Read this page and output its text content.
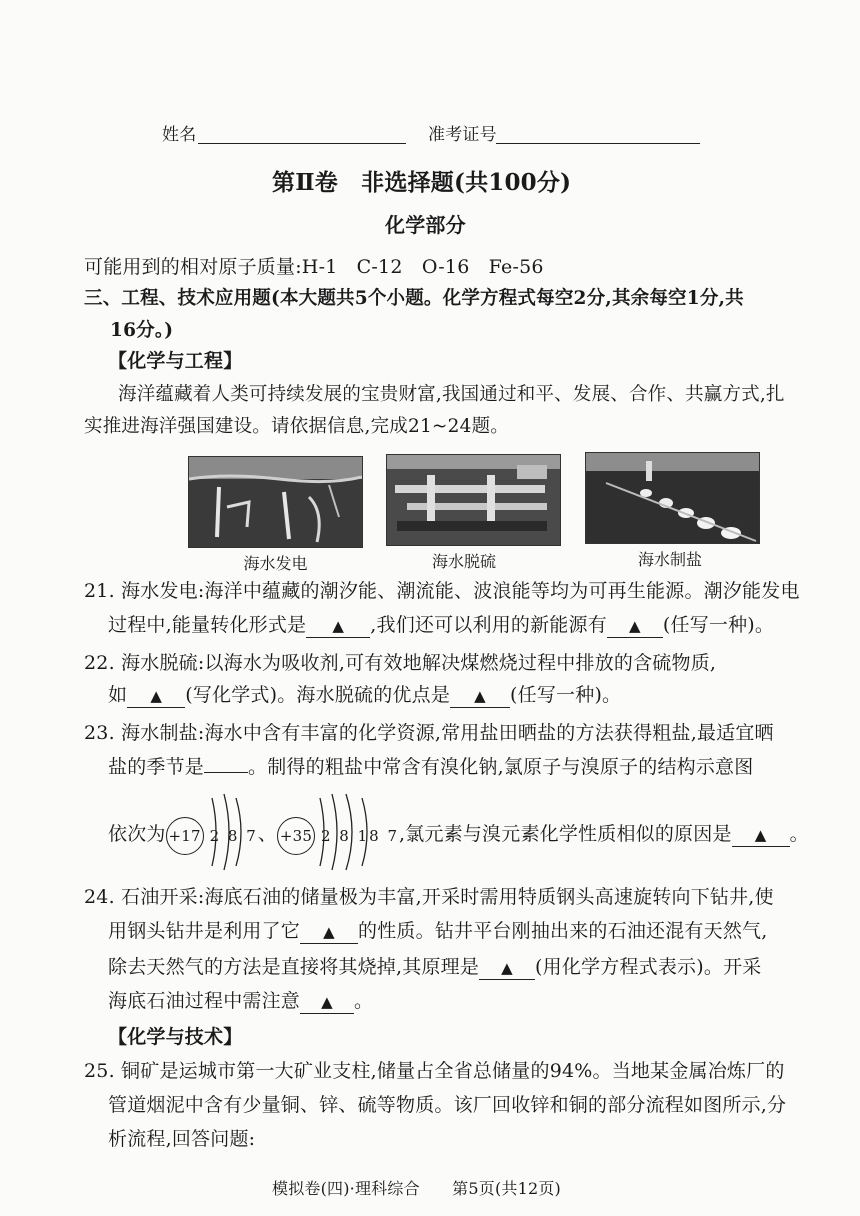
姓名	准考证号
第Ⅱ卷　非选择题(共100分)
化学部分
可能用到的相对原子质量:H-1　C-12　O-16　Fe-56
三、工程、技术应用题(本大题共5个小题。化学方程式每空2分,其余每空1分,共
16分。)
【化学与工程】
海洋蕴藏着人类可持续发展的宝贵财富,我国通过和平、发展、合作、共赢方式,扎
实推进海洋强国建设。请依据信息,完成21~24题。
海水发电	海水脱硫	海水制盐
21. 海水发电:海洋中蕴藏的潮汐能、潮流能、波浪能等均为可再生能源。潮汐能发电
过程中,能量转化形式是 ▲ ,我们还可以利用的新能源有 ▲ (任写一种)。
22. 海水脱硫:以海水为吸收剂,可有效地解决煤燃烧过程中排放的含硫物质,
如 ▲ (写化学式)。海水脱硫的优点是 ▲ (任写一种)。
23. 海水制盐:海水中含有丰富的化学资源,常用盐田晒盐的方法获得粗盐,最适宜晒
盐的季节是 。制得的粗盐中常含有溴化钠,氯原子与溴原子的结构示意图
依次为 +17 2 8 7、 +35 2 8 18 7,氯元素与溴元素化学性质相似的原因是 ▲ 。
24. 石油开采:海底石油的储量极为丰富,开采时需用特质钢头高速旋转向下钻井,使
用钢头钻井是利用了它 ▲ 的性质。钻井平台刚抽出来的石油还混有天然气,
除去天然气的方法是直接将其烧掉,其原理是 ▲ (用化学方程式表示)。开采
海底石油过程中需注意 ▲ 。
【化学与技术】
25. 铜矿是运城市第一大矿业支柱,储量占全省总储量的94%。当地某金属冶炼厂的
管道烟泥中含有少量铜、锌、硫等物质。该厂回收锌和铜的部分流程如图所示,分
析流程,回答问题:
模拟卷(四)·理科综合　　第5页(共12页)
